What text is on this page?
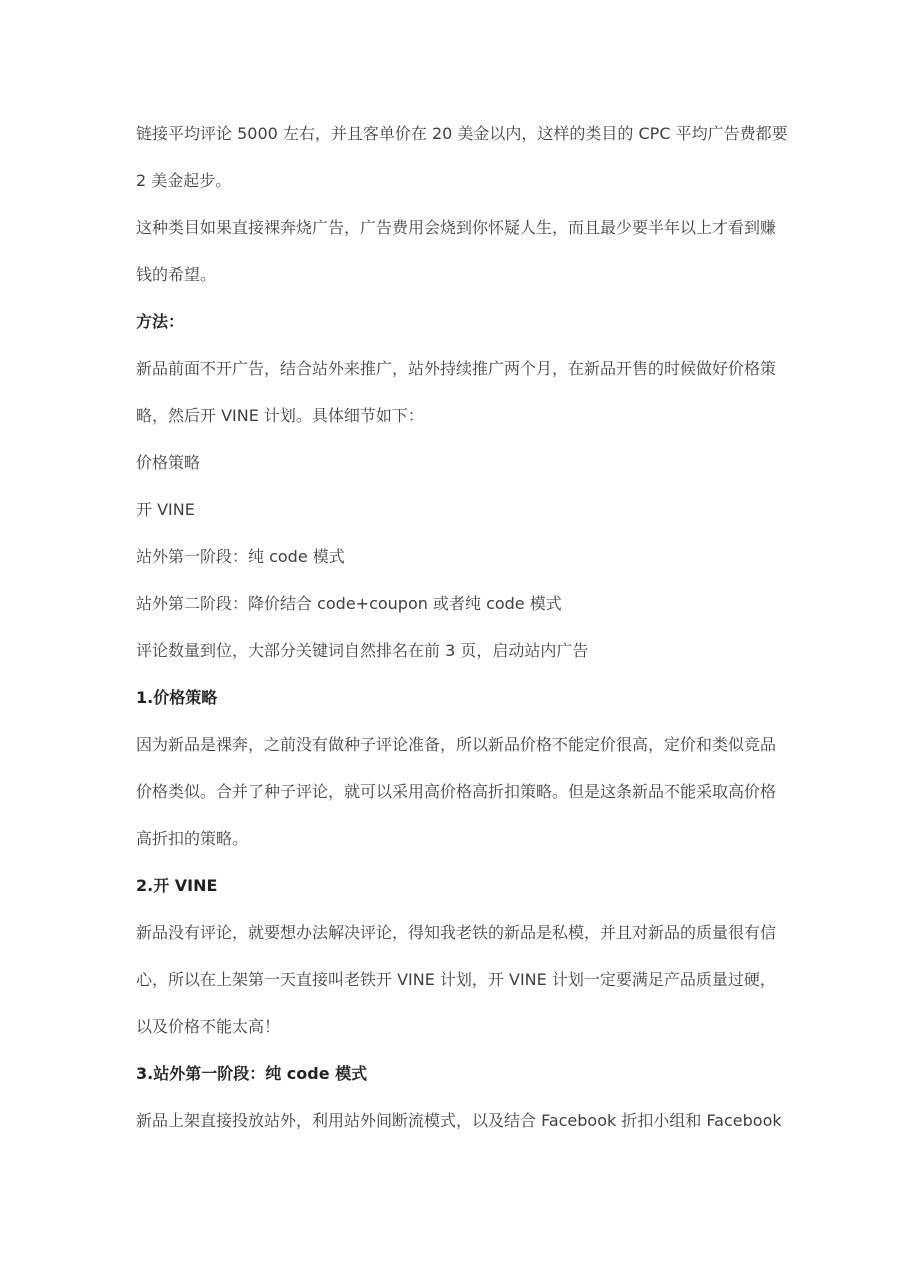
链接平均评论 5000 左右，并且客单价在 20 美金以内，这样的类目的 CPC 平均广告费都要
2 美金起步。
这种类目如果直接裸奔烧广告，广告费用会烧到你怀疑人生，而且最少要半年以上才看到赚
钱的希望。
方法：
新品前面不开广告，结合站外来推广，站外持续推广两个月，在新品开售的时候做好价格策
略，然后开 VINE 计划。具体细节如下：
价格策略
开 VINE
站外第一阶段：纯 code 模式
站外第二阶段：降价结合 code+coupon 或者纯 code 模式
评论数量到位，大部分关键词自然排名在前 3 页，启动站内广告
1.价格策略
因为新品是裸奔，之前没有做种子评论准备，所以新品价格不能定价很高，定价和类似竞品
价格类似。合并了种子评论，就可以采用高价格高折扣策略。但是这条新品不能采取高价格
高折扣的策略。
2.开 VINE
新品没有评论，就要想办法解决评论，得知我老铁的新品是私模，并且对新品的质量很有信
心，所以在上架第一天直接叫老铁开 VINE 计划，开 VINE 计划一定要满足产品质量过硬，
以及价格不能太高！
3.站外第一阶段：纯 code 模式
新品上架直接投放站外，利用站外间断流模式，以及结合 Facebook 折扣小组和 Facebook
